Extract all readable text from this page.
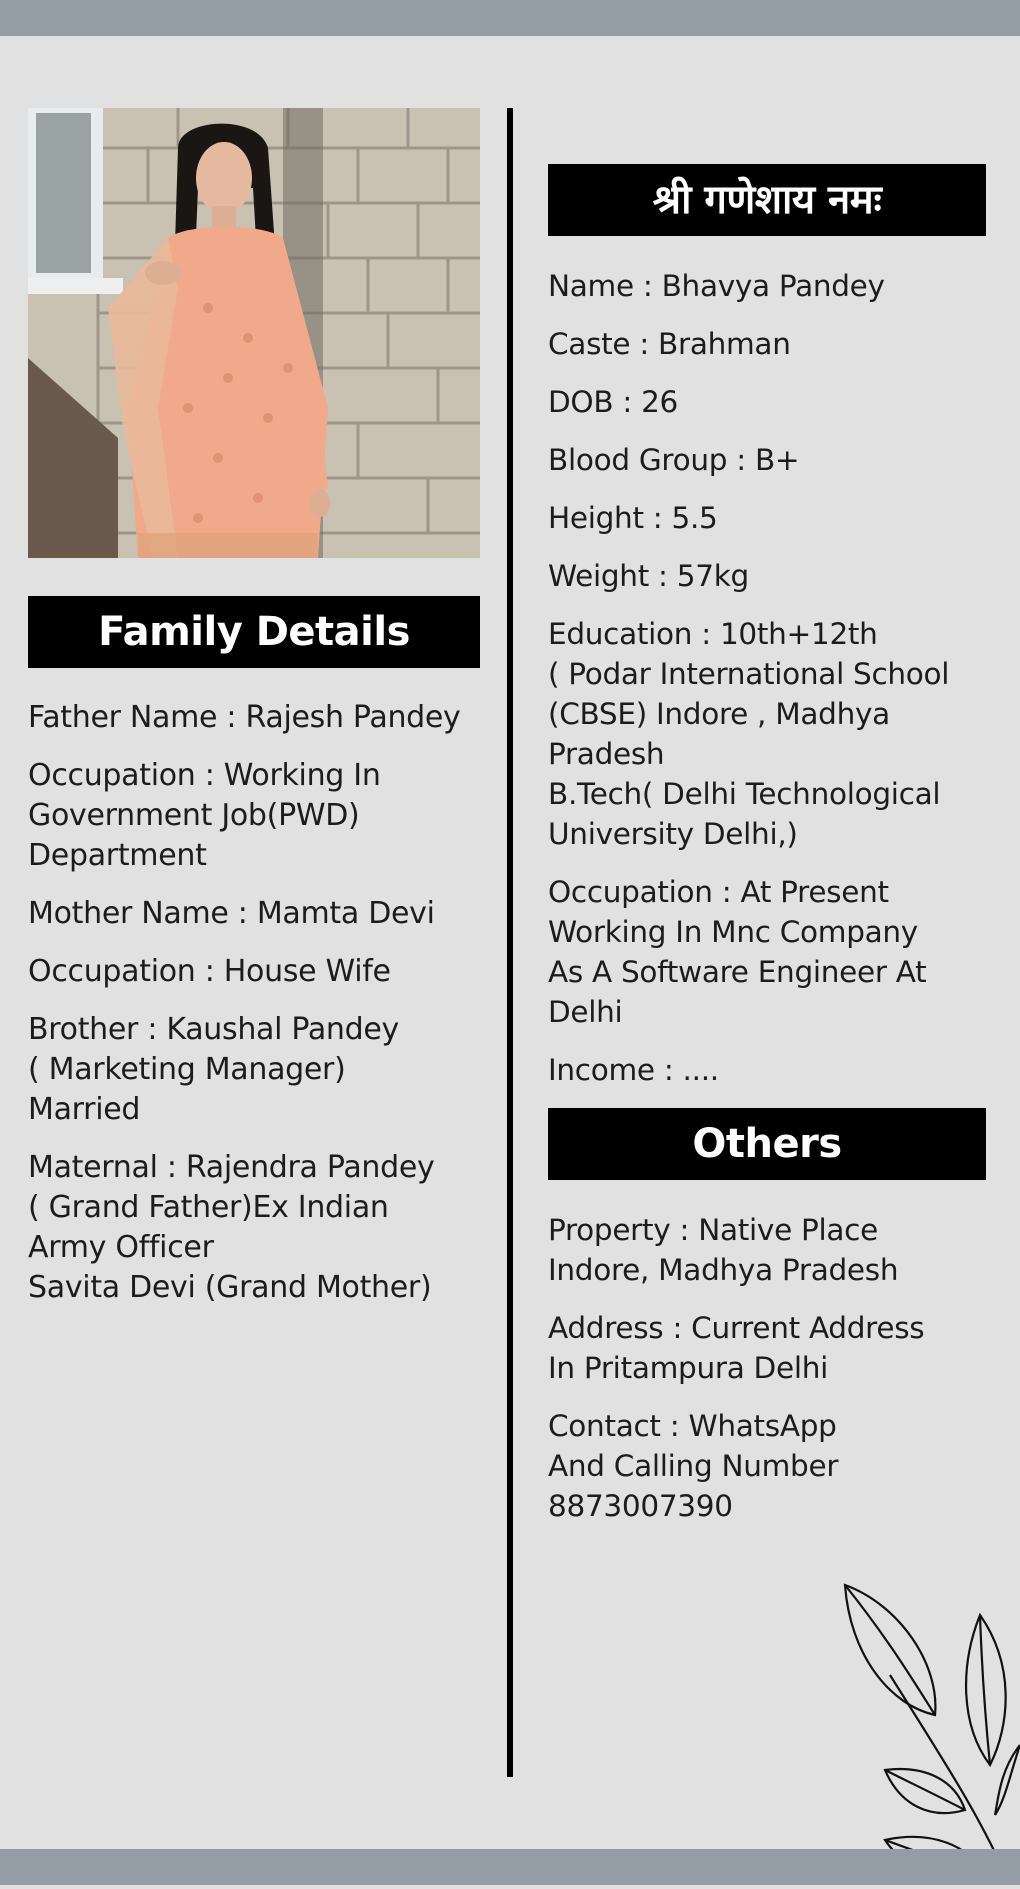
Family Details
Father Name : Rajesh Pandey
Occupation : Working In
Government Job(PWD)
Department
Mother Name : Mamta Devi
Occupation : House Wife
Brother : Kaushal Pandey
( Marketing Manager)
Married
Maternal : Rajendra Pandey
( Grand Father)Ex Indian
Army Officer
Savita Devi (Grand Mother)
श्री गणेशाय नमः
Name : Bhavya Pandey
Caste : Brahman
DOB : 26
Blood Group : B+
Height : 5.5
Weight : 57kg
Education : 10th+12th
( Podar International School
(CBSE) Indore , Madhya
Pradesh
B.Tech( Delhi Technological
University Delhi,)
Occupation : At Present
Working In Mnc Company
As A Software Engineer At
Delhi
Income : ....
Others
Property : Native Place
Indore, Madhya Pradesh
Address : Current Address
In Pritampura Delhi
Contact : WhatsApp
And Calling Number
8873007390
